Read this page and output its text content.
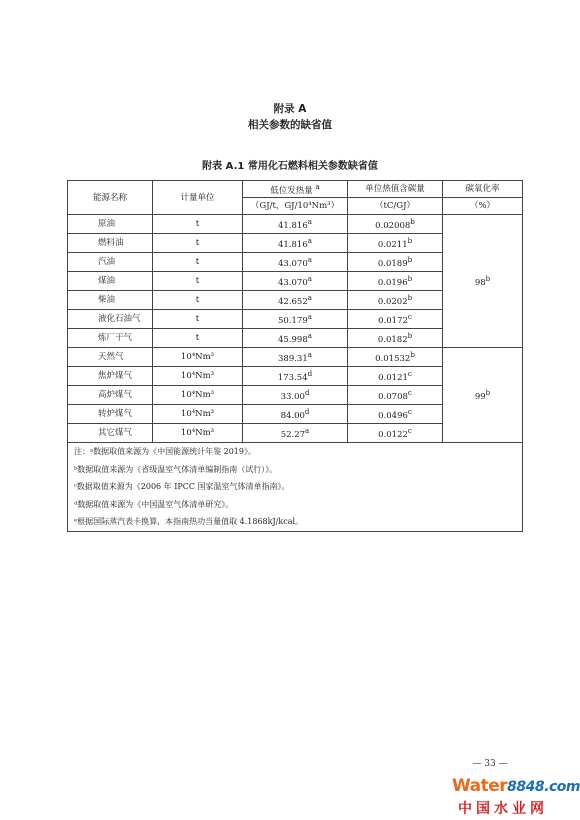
附录 A
相关参数的缺省值
附表 A.1 常用化石燃料相关参数缺省值
能源名称	计量单位	低位发热量 $^a$	单位热值含碳量	碳氧化率
		（GJ/t，GJ/10⁴Nm³）	（tC/GJ）	（%）
原油	t	41.816$^a$	0.02008$^b$	98$^b$
燃料油	t	41.816$^a$	0.0211$^b$
汽油	t	43.070$^a$	0.0189$^b$
煤油	t	43.070$^a$	0.0196$^b$
柴油	t	42.652$^a$	0.0202$^b$
液化石油气	t	50.179$^a$	0.0172$^c$
炼厂干气	t	45.998$^a$	0.0182$^b$
天然气	10⁴Nm³	389.31$^a$	0.01532$^b$	99$^b$
焦炉煤气	10⁴Nm³	173.54$^d$	0.0121$^c$
高炉煤气	10⁴Nm³	33.00$^d$	0.0708$^c$
转炉煤气	10⁴Nm³	84.00$^d$	0.0496$^c$
其它煤气	10⁴Nm³	52.27$^a$	0.0122$^c$

注：ᵃ数据取值来源为《中国能源统计年鉴 2019》。
ᵇ数据取值来源为《省级温室气体清单编制指南（试行）》。
ᶜ数据取值来源为《2006 年 IPCC 国家温室气体清单指南》。
ᵈ数据取值来源为《中国温室气体清单研究》。
ᵉ根据国际蒸汽表卡换算，本指南热功当量值取 4.1868kJ/kcal。				
— 33 —
Water8848.com
中国水业网
